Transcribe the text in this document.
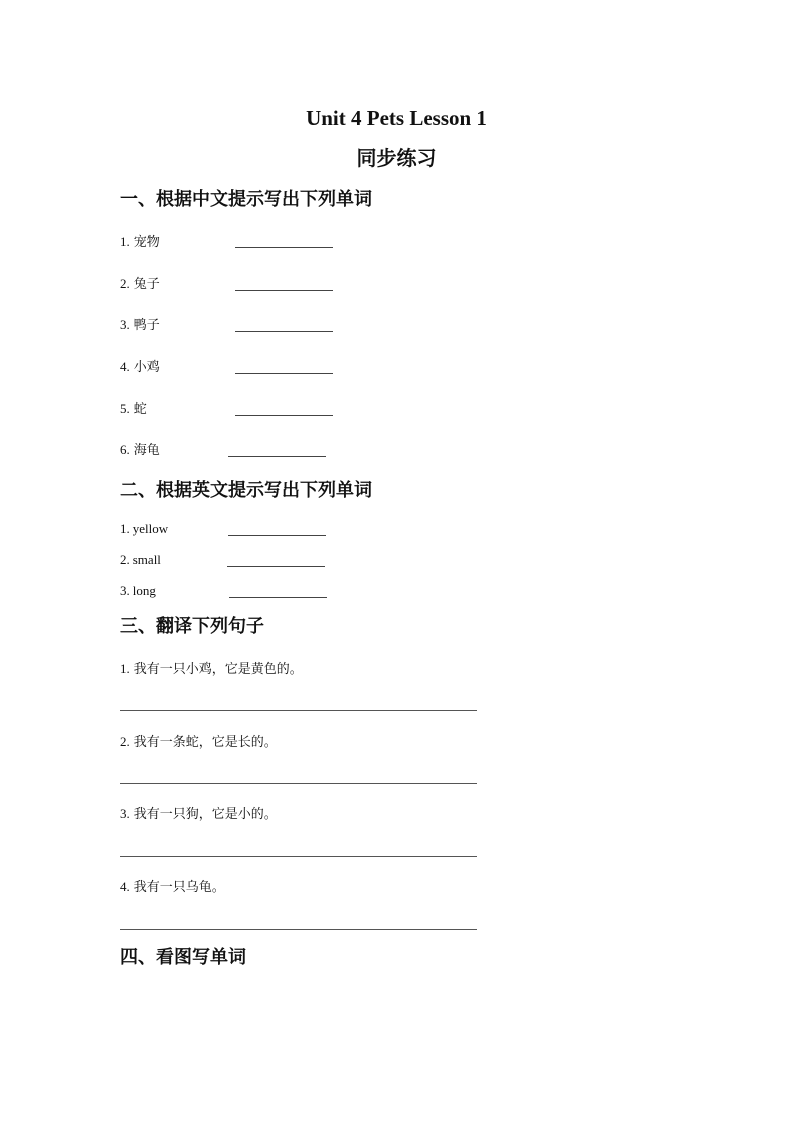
Unit 4 Pets Lesson 1
同步练习
一、根据中文提示写出下列单词
1. 宠物
2. 兔子
3. 鸭子
4. 小鸡
5. 蛇
6. 海龟
二、根据英文提示写出下列单词
1. yellow
2. small
3. long
三、翻译下列句子
1. 我有一只小鸡，它是黄色的。
2. 我有一条蛇，它是长的。
3. 我有一只狗，它是小的。
4. 我有一只乌龟。
四、看图写单词
